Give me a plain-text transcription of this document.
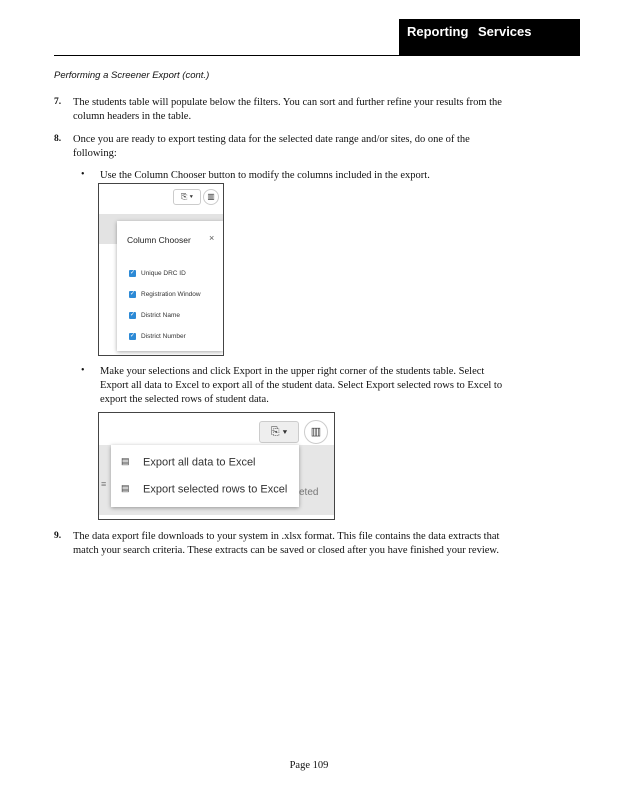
Reporting Services
Performing a Screener Export (cont.)
7. The students table will populate below the filters. You can sort and further refine your results from the
column headers in the table.
8. Once you are ready to export testing data for the selected date range and/or sites, do one of the
following:
• Use the Column Chooser button to modify the columns included in the export.
⎘ ▾	▥
Column Chooser ×
✓ Unique DRC ID
✓ Registration Window
✓ District Name
✓ District Number
• Make your selections and click Export in the upper right corner of the students table. Select
Export all data to Excel to export all of the student data. Select Export selected rows to Excel to
export the selected rows of student data.
⎘ ▾	▥
eted
≡
▤ Export all data to Excel
▤ Export selected rows to Excel
9. The data export file downloads to your system in .xlsx format. This file contains the data extracts that
match your search criteria. These extracts can be saved or closed after you have finished your review.
Page 109
